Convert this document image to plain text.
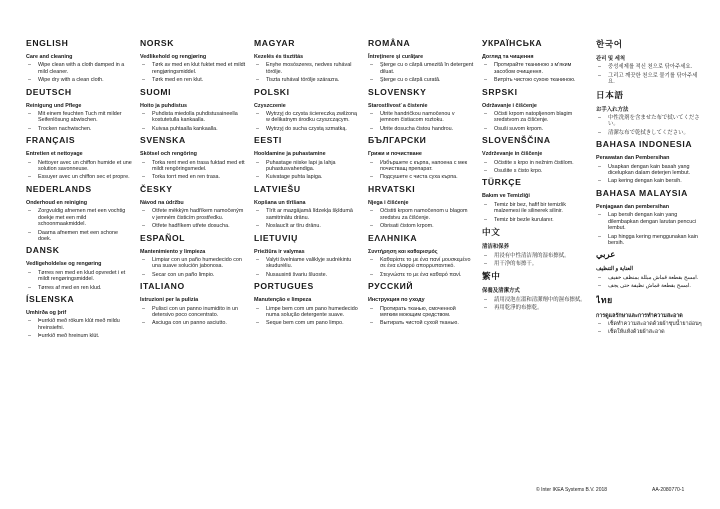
ENGLISH
Care and cleaning
– Wipe clean with a cloth damped in a mild cleaner.
– Wipe dry with a clean cloth.
DEUTSCH
Reinigung und Pflege
– Mit einem feuchten Tuch mit milder Seifenlösung abwischen.
– Trocken nachwischen.
FRANÇAIS
Entretien et nettoyage
– Nettoyer avec un chiffon humide et une solution savonneuse.
– Essuyer avec un chiffon sec et propre.
NEDERLANDS
Onderhoud en reiniging
– Zorgvuldig afnemen met een vochtig doekje met een mild schoonmaakmiddel.
– Daarna afnemen met een schone doek.
DANSK
Vedligeholdelse og rengøring
– Tørres ren med en klud opvredet i et mildt rengøringsmiddel.
– Tørres af med en ren klud.
ÍSLENSKA
Umhirða og þrif
– Þurrkið með rökum klút með mildu hreinsiefni.
– Þurrkið með hreinum klút.
NORSK
Vedlikehold og rengjøring
– Tørk av med en klut fuktet med et mildt rengjøringsmiddel.
– Tørk med en ren klut.
SUOMI
Hoito ja puhdistus
– Puhdista miedolla puhdistusaineella kostutetulla kankaalla.
– Kuivaa puhtaalla kankaalla.
SVENSKA
Skötsel och rengöring
– Torka rent med en trasa fuktad med ett mildt rengöringsmedel.
– Torka torrt med en ren trasa.
ČESKY
Návod na údržbu
– Otřete měkkým hadříkem namočeným v jemném čisticím prostředku.
– Otřete hadříkem utřete dosucha.
ESPAÑOL
Mantenimiento y limpieza
– Limpiar con un paño humedecido con una suave solución jabonosa.
– Secar con un paño limpio.
ITALIANO
Istruzioni per la pulizia
– Pulisci con un panno inumidito in un detersivo poco concentrato.
– Asciuga con un panno asciutto.
MAGYAR
Kezelés és tisztítás
– Enyhe mosószeres, nedves ruhával törölje.
– Tiszta ruhával törölje szárazra.
POLSKI
Czyszczenie
– Wytrzyj do czysta ściereczką zwilżoną w delikatnym środku czyszczącym.
– Wytrzyj do sucha czystą szmatką.
EESTI
Hooldamine ja puhastamine
– Puhastage niiske lapi ja lahja puhastusvahendiga.
– Kuivatage puhta lapiga.
LATVIEŠU
Kopšana un tīrīšana
– Tīrīt ar mazgājamā līdzekļa šķīdumā samitrinātu drānu.
– Noslaucīt ar tīru drānu.
LIETUVIŲ
Priežiūra ir valymas
– Valyti švelniame valiklyje sudrėkintu skudurėliu.
– Nusausinti švariu šluoste.
PORTUGUES
Manutenção e limpeza
– Limpe bem com um pano humedecido numa solução detergente suave.
– Seque bem com um pano limpo.
ROMÂNA
Întreţinere şi curăţare
– Şterge cu o cârpă umezită în detergent diluat.
– Şterge cu o cârpă curată.
SLOVENSKY
Starostlivosť a čistenie
– Utrite handričkou namočenou v jemnom čistiacom roztoku.
– Utrite dosucha čistou handrou.
БЪЛГАРСКИ
Грижи и почистване
– Избършете с кърпа, напоена с мек почистващ препарат.
– Подсушете с чиста суха кърпа.
HRVATSKI
Njega i čišćenje
– Očistiti krpom namočenom u blagom sredstvu za čišćenje.
– Obrisati čistom krpom.
ΕΛΛΗΝΙΚΑ
Συντήρηση και καθαρισμός
– Καθαρίστε το με ένα πανί μουσκεμένο σε ένα ελαφρύ απορρυπαντικό.
– Στεγνώστε το με ένα καθαρό πανί.
РУССКИЙ
Инструкция по уходу
– Протирать тканью, смоченной мягким моющим средством.
– Вытирать чистой сухой тканью.
УКРАЇНСЬКА
Догляд та чищення
– Протирайте тканиною з м'яким засобом очищення.
– Витріть чистою сухою тканиною.
SRPSKI
Održavanje i čišćenje
– Očisti krpom natopljenom blagim sredstvom za čišćenje.
– Osuši suvom krpom.
SLOVENŠČINA
Vzdrževanje in čiščenje
– Očistite s krpo in nežnim čistilom.
– Osušite s čisto krpo.
TÜRKÇE
Bakım ve Temizliği
– Temiz bir bez, hafif bir temizlik malzemesi ile silinerek silinir.
– Temiz bir bezle kurulanır.
中文
清洁和保养
– 用浸有中性清洁剂的湿布擦拭。
– 用干净的布擦干。
繁中
保養及清潔方式
– 請用浸泡在溫和清潔劑中的濕布擦拭。
– 再用乾淨的布擦乾。
한국어
관리 및 세척
– 중성세제를 적신 천으로 닦아주세요.
– 그리고 깨끗한 천으로 물기를 닦아주세요.
日本語
お手入れ方法
– 中性洗剤を含ませた布で拭いてください。
– 清潔な布で乾拭きしてください。
BAHASA INDONESIA
Perawatan dan Pembersihan
– Usapkan dengan kain basah yang dicelupkan dalam deterjen lembut.
– Lap kering dengan kain bersih.
BAHASA MALAYSIA
Penjagaan dan pembersihan
– Lap bersih dengan kain yang dilembapkan dengan larutan pencuci lembut.
– Lap hingga kering menggunakan kain bersih.
عربي
العناية و التنظيف
– امسح بقطعة قماش مبللة بمنظف خفيف.
– امسح بقطعة قماش نظيفة حتى يجف.
ไทย
การดูแลรักษาและการทำความสะอาด
– เช็ดทำความสะอาดด้วยผ้าชุบน้ำยาอ่อนๆ
– เช็ดให้แห้งด้วยผ้าสะอาด
© Inter IKEA Systems B.V. 2018	AA-2080770-1
